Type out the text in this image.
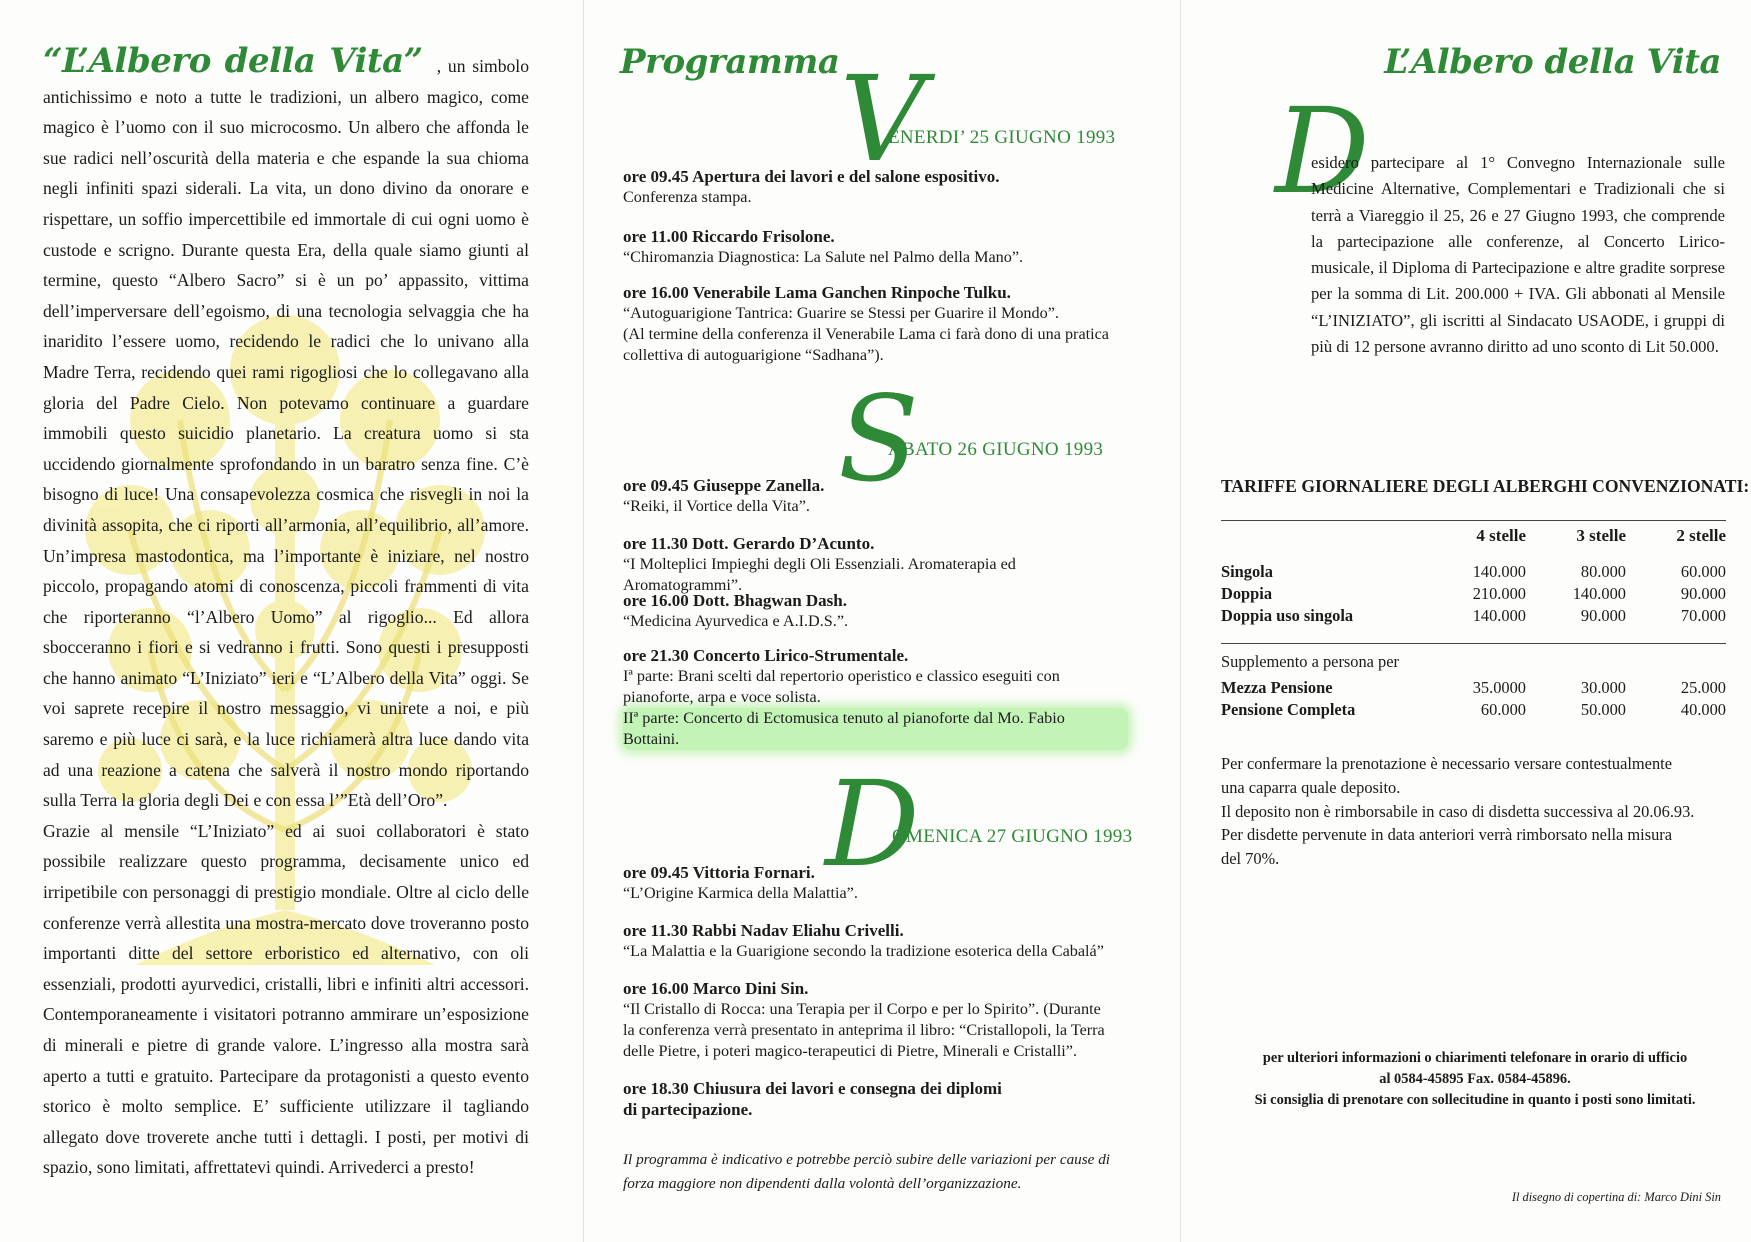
“L’Albero della Vita” , un simbolo antichissimo e noto a tutte le tradizioni, un albero magico, come magico è l’uomo con il suo microcosmo. Un albero che affonda le sue radici nell’oscurità della materia e che espande la sua chioma negli infiniti spazi siderali. La vita, un dono divino da onorare e rispettare, un soffio impercettibile ed immortale di cui ogni uomo è custode e scrigno. Durante questa Era, della quale siamo giunti al termine, questo “Albero Sacro” si è un po’ appassito, vittima dell’imperversare dell’egoismo, di una tecnologia selvaggia che ha inaridito l’essere uomo, recidendo le radici che lo univano alla Madre Terra, recidendo quei rami rigogliosi che lo collegavano alla gloria del Padre Cielo. Non potevamo continuare a guardare immobili questo suicidio planetario. La creatura uomo si sta uccidendo giornalmente sprofondando in un baratro senza fine. C’è bisogno di luce! Una consapevolezza cosmica che risvegli in noi la divinità assopita, che ci riporti all’armonia, all’equilibrio, all’amore. Un’impresa mastodontica, ma l’importante è iniziare, nel nostro piccolo, propagando atomi di conoscenza, piccoli frammenti di vita che riporteranno “l’Albero Uomo” al rigoglio... Ed allora sbocceranno i fiori e si vedranno i frutti. Sono questi i presupposti che hanno animato “L’Iniziato” ieri e “L’Albero della Vita” oggi. Se voi saprete recepire il nostro messaggio, vi unirete a noi, e più saremo e più luce ci sarà, e la luce richiamerà altra luce dando vita ad una reazione a catena che salverà il nostro mondo riportando sulla Terra la gloria degli Dei e con essa l’”Età dell’Oro”.
Grazie al mensile “L’Iniziato” ed ai suoi collaboratori è stato possibile realizzare questo programma, decisamente unico ed irripetibile con personaggi di prestigio mondiale. Oltre al ciclo delle conferenze verrà allestita una mostra-mercato dove troveranno posto importanti ditte del settore erboristico ed alternativo, con oli essenziali, prodotti ayurvedici, cristalli, libri e infiniti altri accessori. Contemporaneamente i visitatori potranno ammirare un’esposizione di minerali e pietre di grande valore. L’ingresso alla mostra sarà aperto a tutti e gratuito. Partecipare da protagonisti a questo evento storico è molto semplice. E’ sufficiente utilizzare il tagliando allegato dove troverete anche tutti i dettagli. I posti, per motivi di spazio, sono limitati, affrettatevi quindi. Arrivederci a presto!

Programma V
ENERDI’ 25 GIUGNO 1993
ore 09.45 Apertura dei lavori e del salone espositivo.
Conferenza stampa.
ore 11.00 Riccardo Frisolone.
“Chiromanzia Diagnostica: La Salute nel Palmo della Mano”.
ore 16.00 Venerabile Lama Ganchen Rinpoche Tulku.
“Autoguarigione Tantrica: Guarire se Stessi per Guarire il Mondo”.
(Al termine della conferenza il Venerabile Lama ci farà dono di una pratica
collettiva di autoguarigione “Sadhana”).
S
ABATO 26 GIUGNO 1993
ore 09.45 Giuseppe Zanella.
“Reiki, il Vortice della Vita”.
ore 11.30 Dott. Gerardo D’Acunto.
“I Molteplici Impieghi degli Oli Essenziali. Aromaterapia ed Aromatogrammi”.
ore 16.00 Dott. Bhagwan Dash.
“Medicina Ayurvedica e A.I.D.S.”.
ore 21.30 Concerto Lirico-Strumentale.
Iª parte: Brani scelti dal repertorio operistico e classico eseguiti con
pianoforte, arpa e voce solista.
IIª parte: Concerto di Ectomusica tenuto al pianoforte dal Mo. Fabio
Bottaini.
D
OMENICA 27 GIUGNO 1993
ore 09.45 Vittoria Fornari.
“L’Origine Karmica della Malattia”.
ore 11.30 Rabbi Nadav Eliahu Crivelli.
“La Malattia e la Guarigione secondo la tradizione esoterica della Cabalá”
ore 16.00 Marco Dini Sin.
“Il Cristallo di Rocca: una Terapia per il Corpo e per lo Spirito”. (Durante
la conferenza verrà presentato in anteprima il libro: “Cristallopoli, la Terra
delle Pietre, i poteri magico-terapeutici di Pietre, Minerali e Cristalli”.
ore 18.30 Chiusura dei lavori e consegna dei diplomi
di partecipazione.
Il programma è indicativo e potrebbe perciò subire delle variazioni per cause di forza maggiore non dipendenti dalla volontà dell’organizzazione.
L’Albero della Vita
D
esidero partecipare al 1° Convegno Internazionale sulle Medicine Alternative, Complementari e Tradizionali che si terrà a Viareggio il 25, 26 e 27 Giugno 1993, che comprende la partecipazione alle conferenze, al Concerto Lirico-musicale, il Diploma di Partecipazione e altre gradite sorprese per la somma di Lit. 200.000 + IVA. Gli abbonati al Mensile “L’INIZIATO”, gli iscritti al Sindacato USAODE, i gruppi di più di 12 persone avranno diritto ad uno sconto di Lit 50.000.
TARIFFE GIORNALIERE DEGLI ALBERGHI CONVENZIONATI:
	4 stelle	3 stelle	2 stelle

Singola	140.000	80.000	60.000
Doppia	210.000	140.000	90.000
Doppia uso singola	140.000	90.000	70.000
Supplemento a persona per
Mezza Pensione	35.0000	30.000	25.000
Pensione Completa	60.000	50.000	40.000
Per confermare la prenotazione è necessario versare contestualmente
una caparra quale deposito.
Il deposito non è rimborsabile in caso di disdetta successiva al 20.06.93.
Per disdette pervenute in data anteriori verrà rimborsato nella misura
del 70%.
per ulteriori informazioni o chiarimenti telefonare in orario di ufficio
al 0584-45895 Fax. 0584-45896.
Si consiglia di prenotare con sollecitudine in quanto i posti sono limitati.
Il disegno di copertina di: Marco Dini Sin
